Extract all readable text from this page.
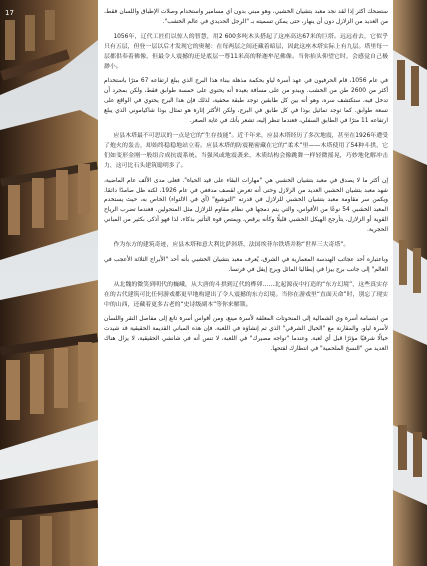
17	ستضحك أكثر إذا لقد نجد معبد بتشيان الخشبي، وهو مبني بدون أي مسامير واستخدام وصلات الإطباق واللسان فقط، من العديد من الزلازل دون أن ينهار، حتى يمكن تسميته بـ "الرجل الحديدي في عالم الخشب".

1056年，辽代工匠们以惊人的智慧，用2 600多吨木头搭起了这座高达67米的巨塔。远远看去，它似乎只有五层，但登一层以后才发现它的奥秘：在每两层之间还藏着暗层，因此这座木塔实际上有九层。塔里每一层都供奉着佛像，但最令人震撼的还是底层一尊11米高的释迦牟尼佛像。当你抬头仰望它时，会感觉自己极渺小。

في عام 1056، قام الحرفيون في عهد أسرة لياو بحكمة مذهلة ببناء هذا البرج الذي يبلغ ارتفاعه 67 مترًا باستخدام أكثر من 2600 طن من الخشب. ويبدو من على مسافة بعيدة أنه يحتوي على خمسة طوابق فقط، ولكن بمجرد أن تدخل فيه، ستكتشف سره، وهو أنه بين كل طابقين توجد طبقة مخفية، لذلك فإن هذا البرج يحتوي في الواقع على تسعة طوابق. كما توجد تماثيل بوذا في كل طابق في البرج، ولكن الأكثر إثارة هو تمثال بوذا شاكياموني الذي يبلغ ارتفاعه 11 مترًا في الطابق السفلي، فعندما تنظر إليه، تشعر بأنك في غاية الصغر.

应县木塔最不可思议的一点是它的“生存技能”。近千年来，应县木塔经历了多次地震，甚至在1926年遭受了炮火的轰击，却始终稳稳地站立着。应县木塔的防震秘密藏在它的“柔术”里——木塔使用了54种斗拱，它们如变形金刚一般组合成抗震系统。当强风或地震袭来，木质结构会像跳舞一样轻微摇晃，巧妙地化解冲击力，这可比石头建筑聪明多了。

إن أكثر ما لا يصدق في معبد بتشيان الخشبي هي "مهارات البقاء على قيد الحياة". فعلى مدى الألف عام الماضية، شهد معبد بتشيان الخشبي العديد من الزلازل وحتى أنه تعرض لقصف مدفعي في عام 1926، لكنه ظل صامدًا دائمًا. ويكمن سر مقاومة معبد بتشيان الخشبي للزلازل في قدرته "التوشيع" (أي في الالتواء) الخاص به، حيث يستخدم المعبد الخشبي 54 نوعًا من الأقواس، والتي يتم دمجها في نظام مقاوم للزلازل مثل المتحولين. فعندما تضرب الرياح القوية أو الزلازل، يتأرجح الهيكل الخشبي قليلًا وكأنه يرقص، ويمتص قوة التأثير بذكاء، لذا فهو أذكى بكثير من المباني الحجرية.

作为东方的建筑奇迹，应县木塔和意大利比萨斜塔、法国埃菲尔铁塔并称“世界三大奇塔”。

وباعتباره أحد عجائب الهندسة المعمارية في الشرق، يُعرف معبد بتشيان الخشبي بأنه أحد "الأبراج الثلاثة الأعجب في العالم" إلى جانب برج بيزا في إيطاليا المائل وبرج إيفل في فرنسا.

从北魏的微笑到明代的巍峨，从大唐的斗拱到辽代的榫卯……北起源夜中打造的“东方幻境”，这些真实存在的古代建筑可比任何游戏都更早地构建出了令人震撼的东方幻境。当你在游戏里“直面天命”时，别忘了现实中的山西，还藏着更多古老的“史诗级副本”等你来解锁。

من ابتسامة أسرة وي الشمالية إلى المنحوتات المعلقة لأسرة مينغ، ومن أقواس أسرة تانغ إلى مفاصل النقر واللسان لأسرة لياو، والمقارنة مع "الخيال الشرقي" الذي تم إنشاؤه في اللعبة، فإن هذه المباني القديمة الحقيقية قد شيدت خيالًا شرقيًا مؤثرًا قبل أي لعبة. وعندما "تواجه مصيرك" في اللعبة، لا تنس أنه في شانشي الحقيقية، لا يزال هناك العديد من "النسخ الملحمية" في انتظارك لفتحها.
